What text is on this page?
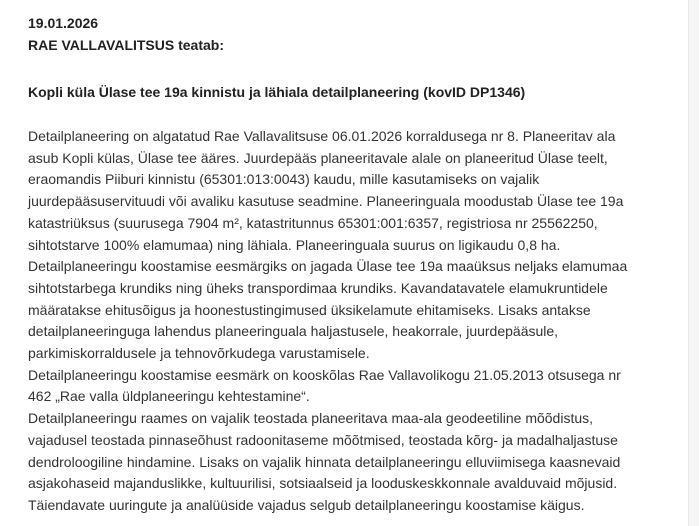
19.01.2026
RAE VALLAVALITSUS teatab:
Kopli küla Ülase tee 19a kinnistu ja lähiala detailplaneering (kovID DP1346)
Detailplaneering on algatatud Rae Vallavalitsuse 06.01.2026 korraldusega nr 8. Planeeritav ala
asub Kopli külas, Ülase tee ääres. Juurdepääs planeeritavale alale on planeeritud Ülase teelt,
eraomandis Piiburi kinnistu (65301:013:0043) kaudu, mille kasutamiseks on vajalik
juurdepääsuservituudi või avaliku kasutuse seadmine. Planeeringuala moodustab Ülase tee 19a
katastriüksus (suurusega 7904 m², katastritunnus 65301:001:6357, registriosa nr 25562250,
sihtotstarve 100% elamumaa) ning lähiala. Planeeringuala suurus on ligikaudu 0,8 ha.
Detailplaneeringu koostamise eesmärgiks on jagada Ülase tee 19a maaüksus neljaks elamumaa
sihtotstarbega krundiks ning üheks transpordimaa krundiks. Kavandatavatele elamukruntidele
määratakse ehitusõigus ja hoonestustingimused üksikelamute ehitamiseks. Lisaks antakse
detailplaneeringuga lahendus planeeringuala haljastusele, heakorrale, juurdepääsule,
parkimiskorraldusele ja tehnovõrkudega varustamisele.
Detailplaneeringu koostamise eesmärk on kooskõlas Rae Vallavolikogu 21.05.2013 otsusega nr
462 „Rae valla üldplaneeringu kehtestamine“.
Detailplaneeringu raames on vajalik teostada planeeritava maa-ala geodeetiline mõõdistus,
vajadusel teostada pinnaseõhust radoonitaseme mõõtmised, teostada kõrg- ja madalhaljastuse
dendroloogiline hindamine. Lisaks on vajalik hinnata detailplaneeringu elluviimisega kaasnevaid
asjakohaseid majanduslikke, kultuurilisi, sotsiaalseid ja looduskeskkonnale avalduvaid mõjusid.
Täiendavate uuringute ja analüüside vajadus selgub detailplaneeringu koostamise käigus.
